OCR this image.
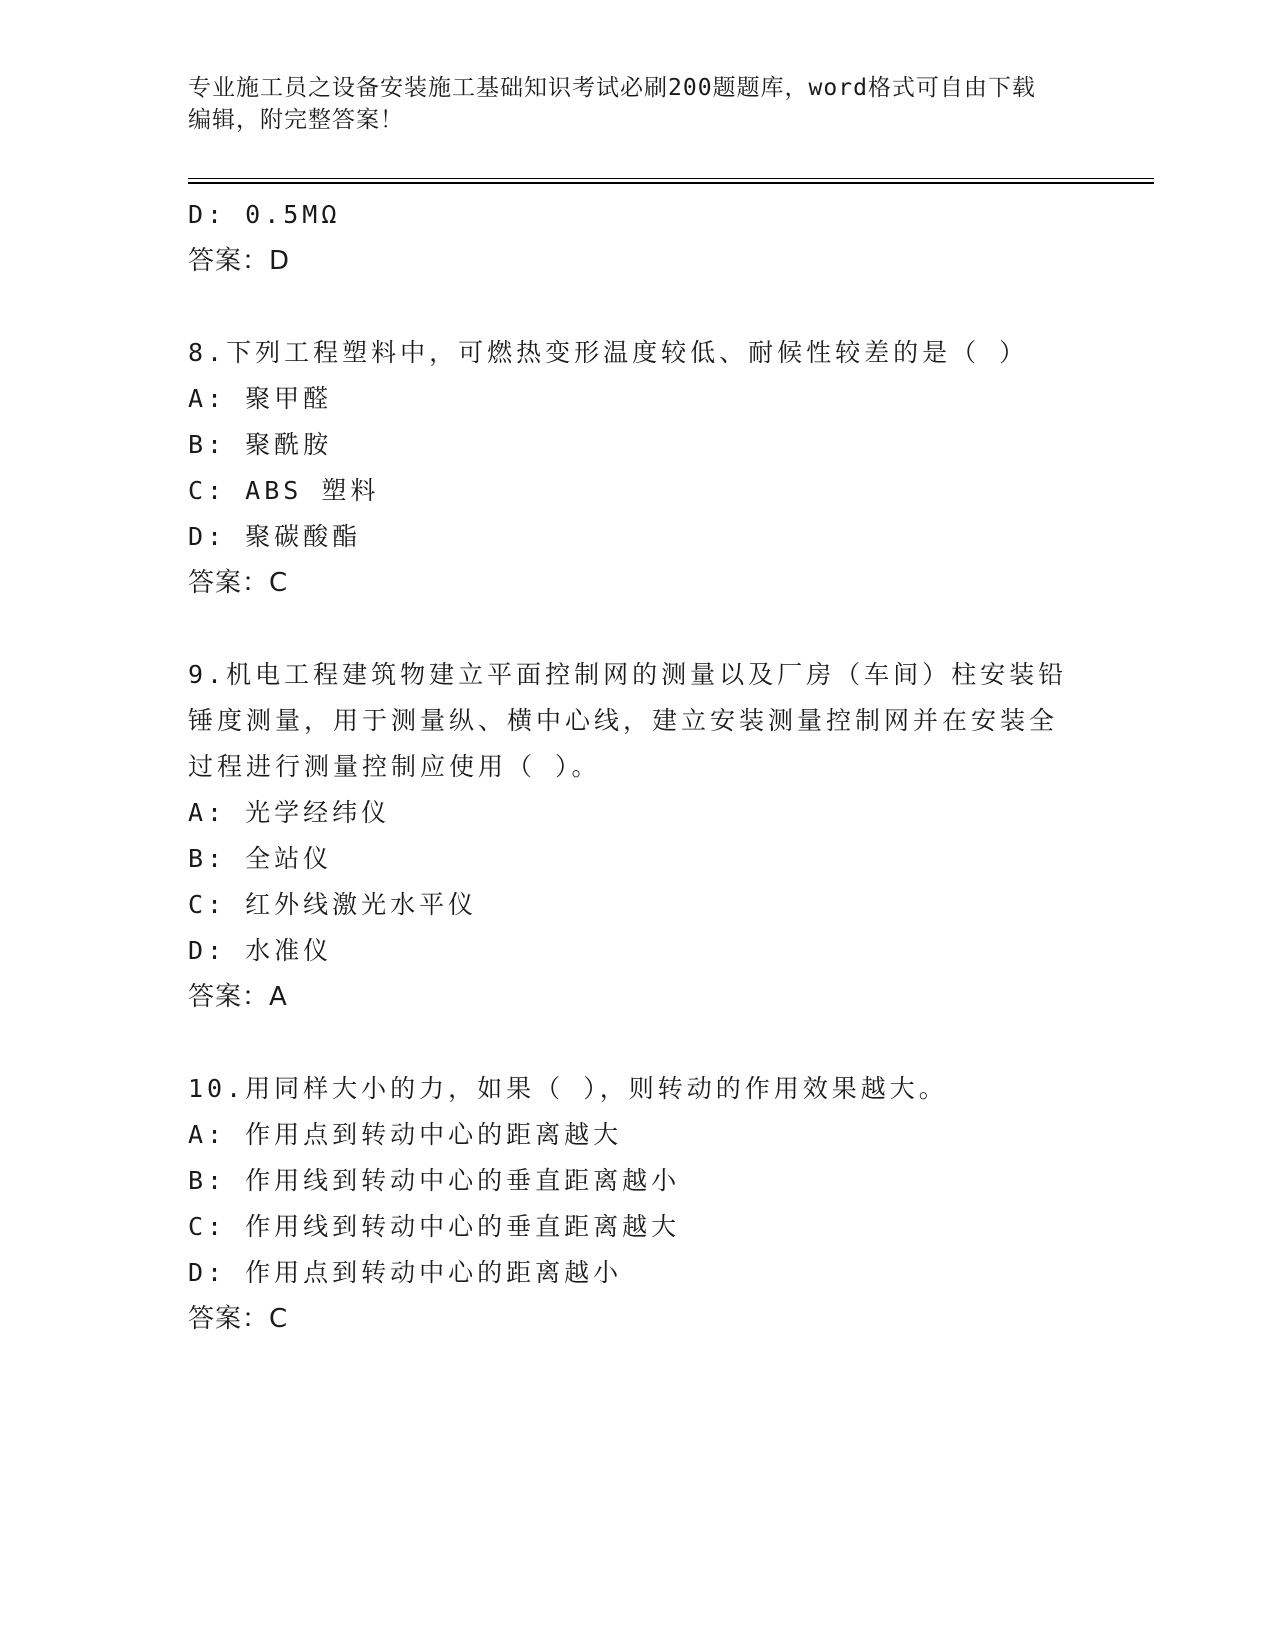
专业施工员之设备安装施工基础知识考试必刷200题题库，word格式可自由下载
编辑，附完整答案！
D: 0.5MΩ
答案：D
8.下列工程塑料中，可燃热变形温度较低、耐候性较差的是（ ）
A: 聚甲醛
B: 聚酰胺
C: ABS 塑料
D: 聚碳酸酯
答案：C
9.机电工程建筑物建立平面控制网的测量以及厂房（车间）柱安装铅
锤度测量，用于测量纵、横中心线，建立安装测量控制网并在安装全
过程进行测量控制应使用（ ）。
A: 光学经纬仪
B: 全站仪
C: 红外线激光水平仪
D: 水准仪
答案：A
10.用同样大小的力，如果（ ），则转动的作用效果越大。
A: 作用点到转动中心的距离越大
B: 作用线到转动中心的垂直距离越小
C: 作用线到转动中心的垂直距离越大
D: 作用点到转动中心的距离越小
答案：C
